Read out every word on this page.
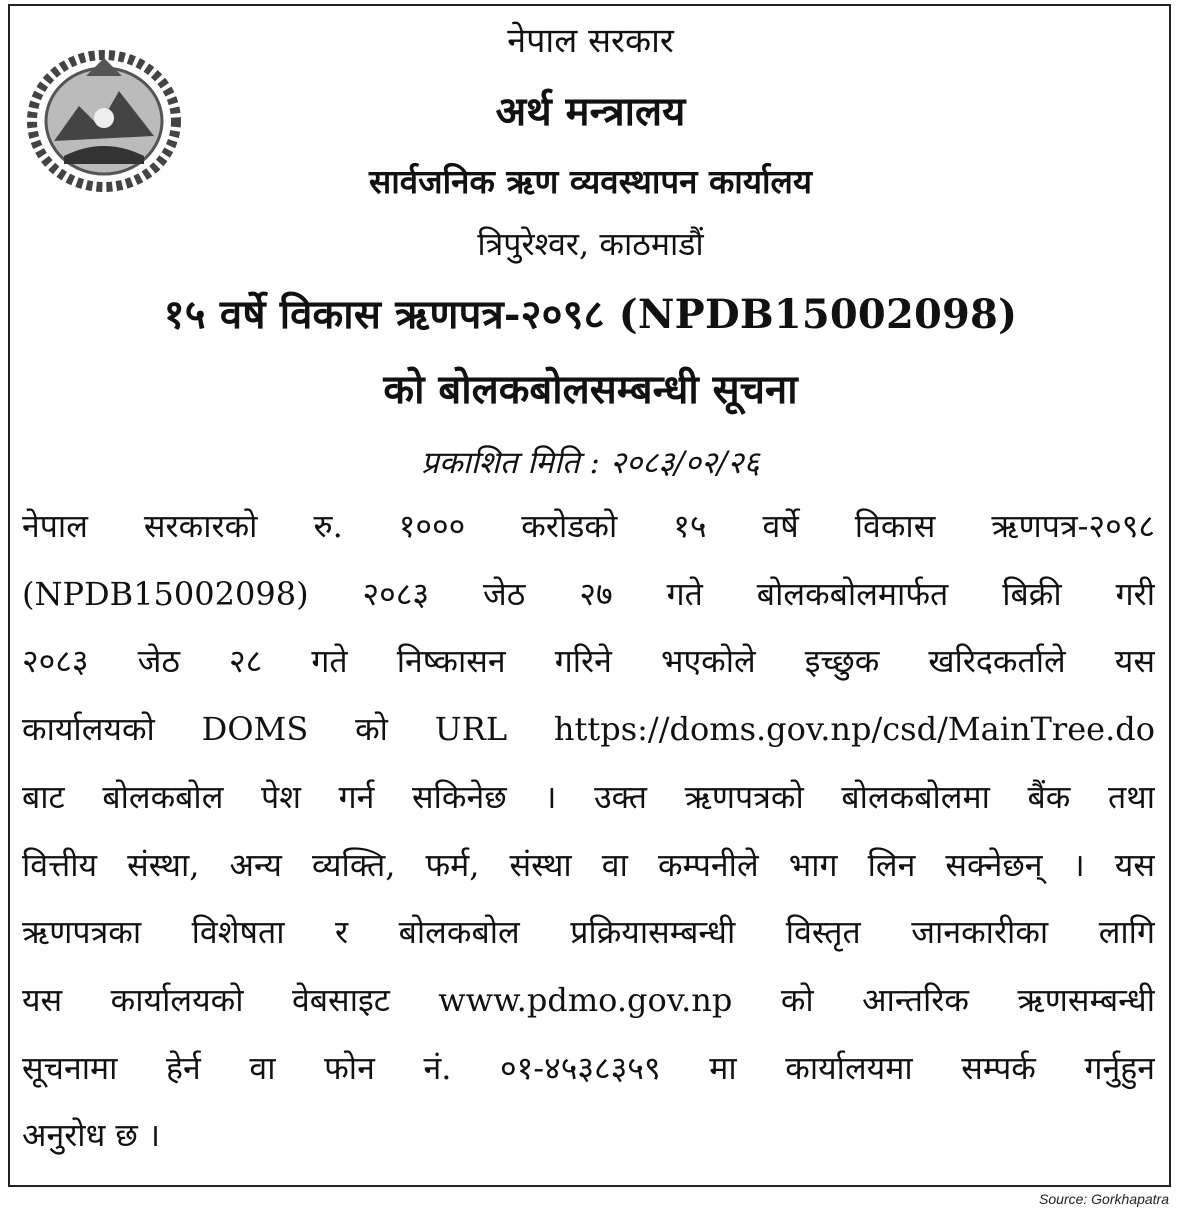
नेपाल सरकार
अर्थ मन्त्रालय
सार्वजनिक ऋण व्यवस्थापन कार्यालय
त्रिपुरेश्वर, काठमाडौं
१५ वर्षे विकास ऋणपत्र-२०९८ (NPDB15002098)
को बोलकबोलसम्बन्धी सूचना
प्रकाशित मिति : २०८३/०२/२६
नेपाल सरकारको रु. १००० करोडको १५ वर्षे विकास ऋणपत्र-२०९८
(NPDB15002098) २०८३ जेठ २७ गते बोलकबोलमार्फत बिक्री गरी
२०८३ जेठ २८ गते निष्कासन गरिने भएकोले इच्छुक खरिदकर्ताले यस
कार्यालयको DOMS को URL https://doms.gov.np/csd/MainTree.do
बाट बोलकबोल पेश गर्न सकिनेछ । उक्त ऋणपत्रको बोलकबोलमा बैंक तथा
वित्तीय संस्था, अन्य व्यक्ति, फर्म, संस्था वा कम्पनीले भाग लिन सक्नेछन् । यस
ऋणपत्रका विशेषता र बोलकबोल प्रक्रियासम्बन्धी विस्तृत जानकारीका लागि
यस कार्यालयको वेबसाइट www.pdmo.gov.np को आन्तरिक ऋणसम्बन्धी
सूचनामा हेर्न वा फोन नं. ०१-४५३८३५९ मा कार्यालयमा सम्पर्क गर्नुहुन
अनुरोध छ ।
Source: Gorkhapatra
